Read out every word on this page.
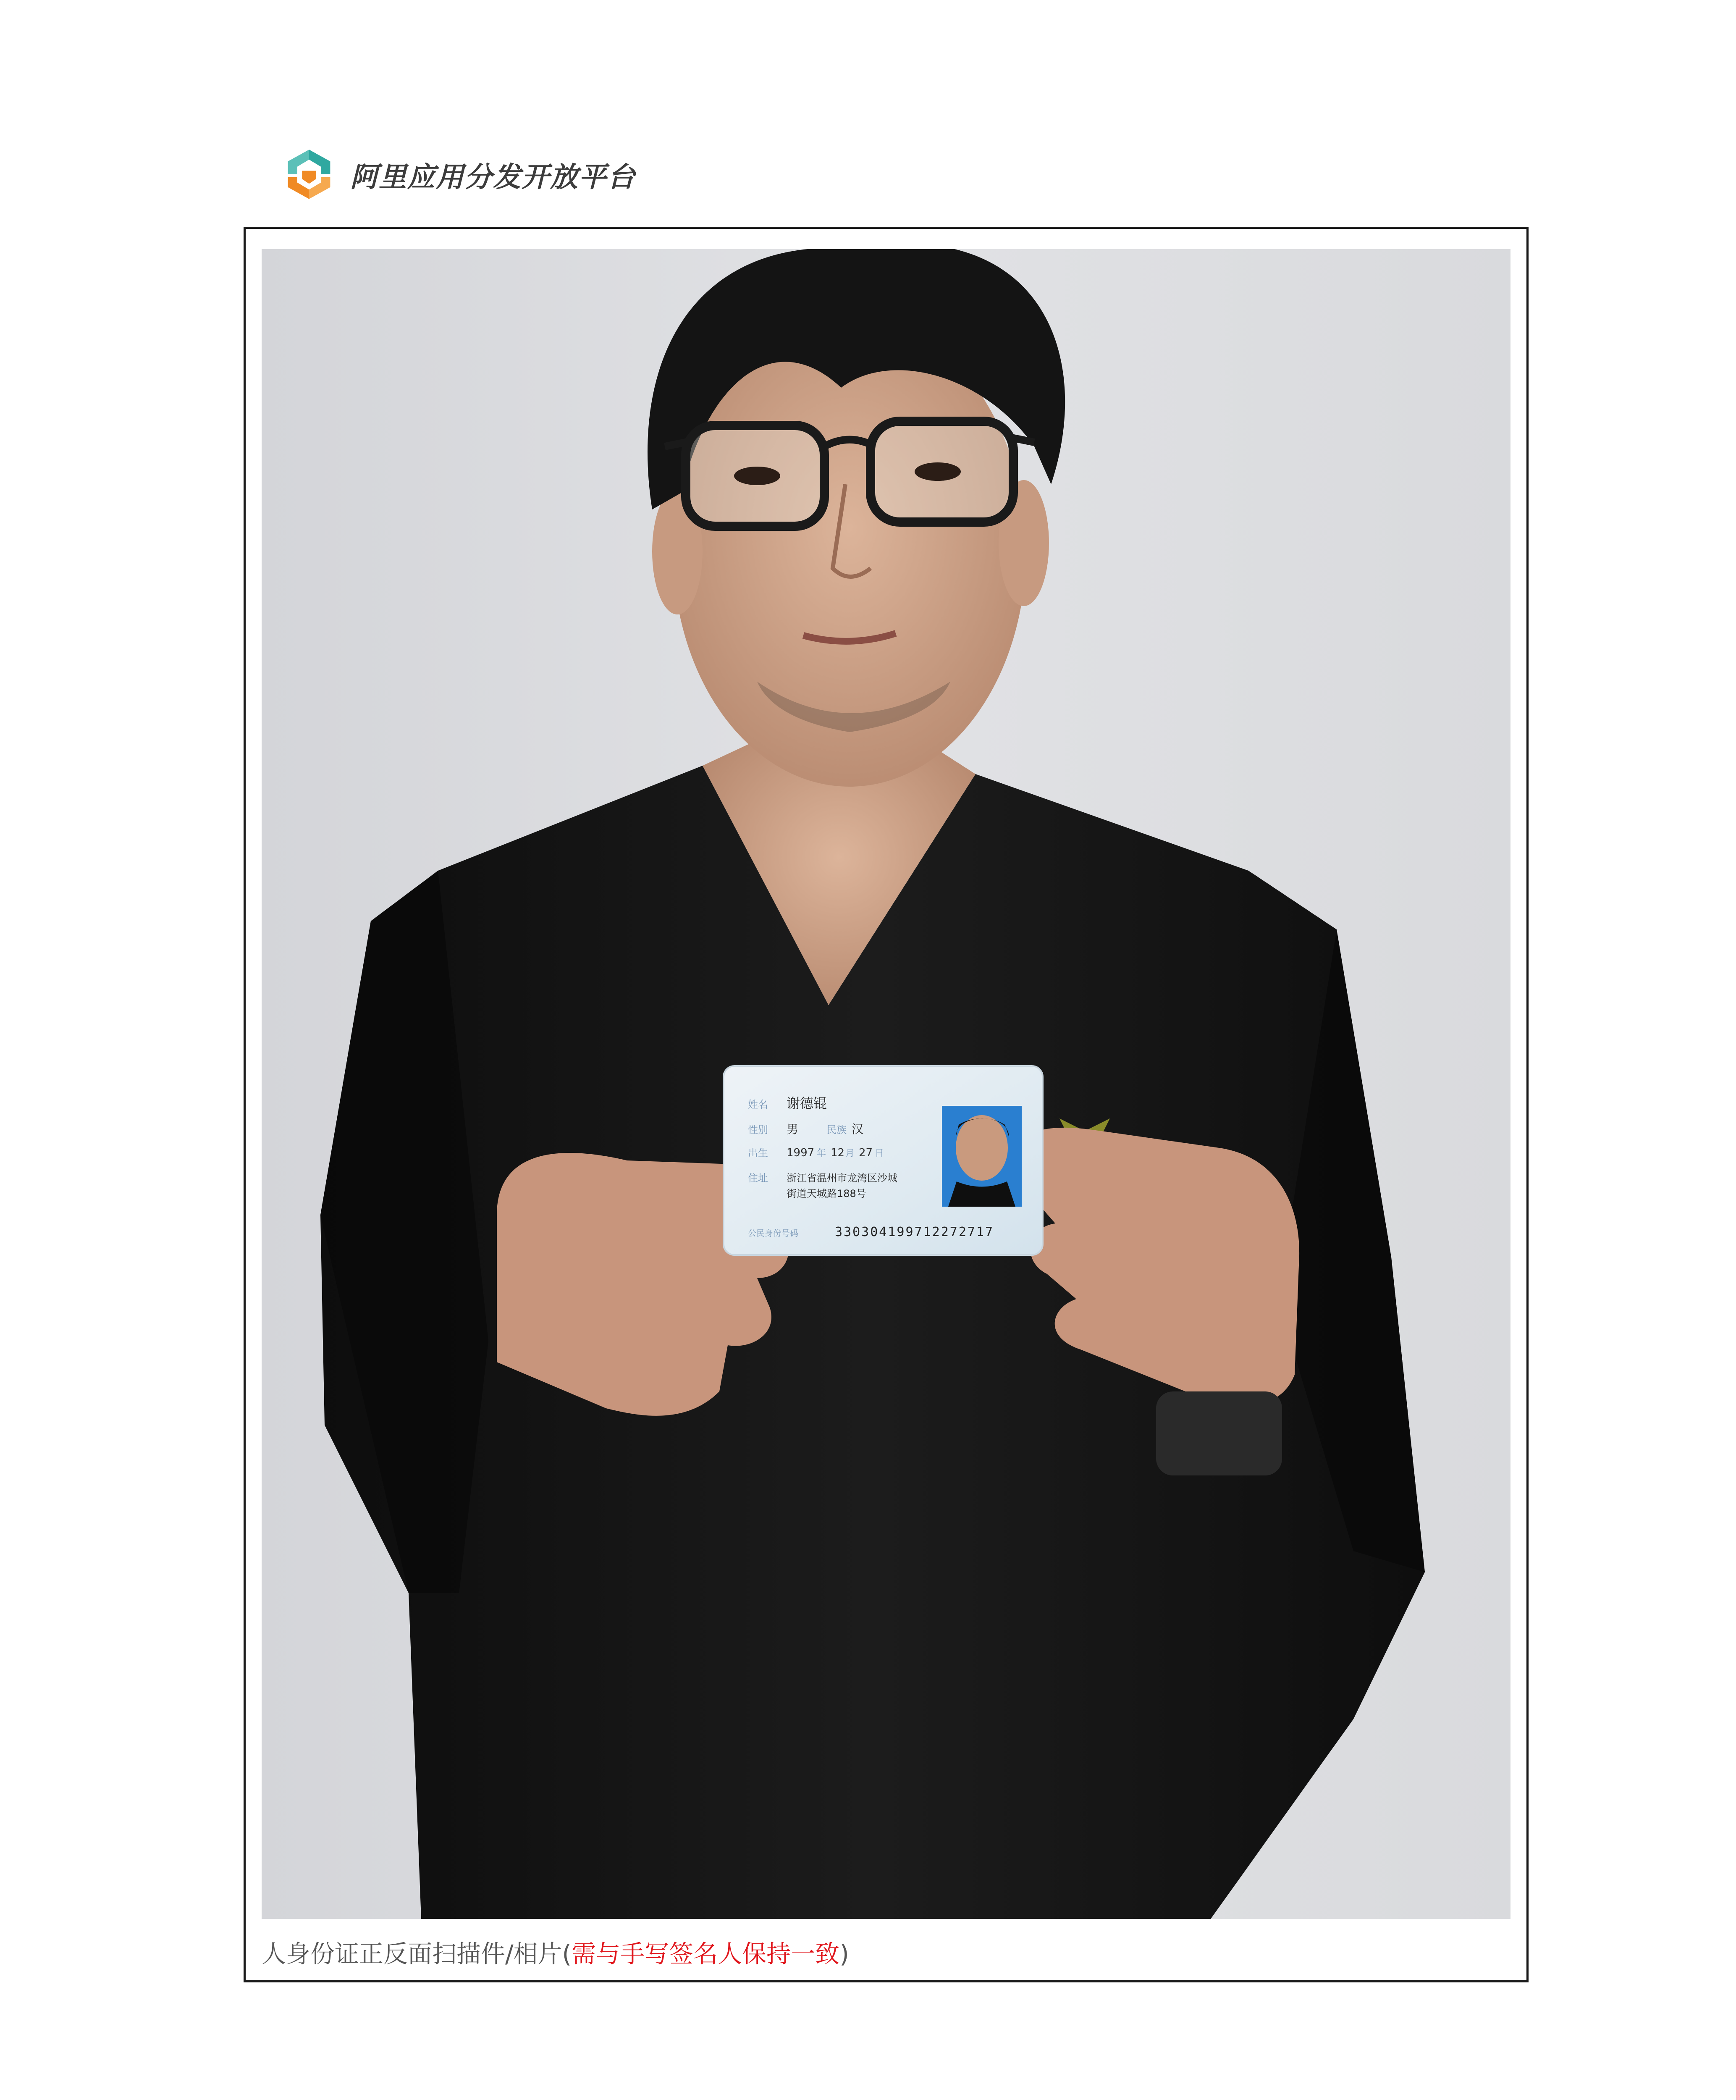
阿里应用分发开放平台
姓名 谢德锟
性别 男	民族 汉
出生 1997 年 12 月 27 日
住址 浙江省温州市龙湾区沙城
街道天城路188号
公民身份号码	330304199712272717
人身份证正反面扫描件/相片(需与手写签名人保持一致)
